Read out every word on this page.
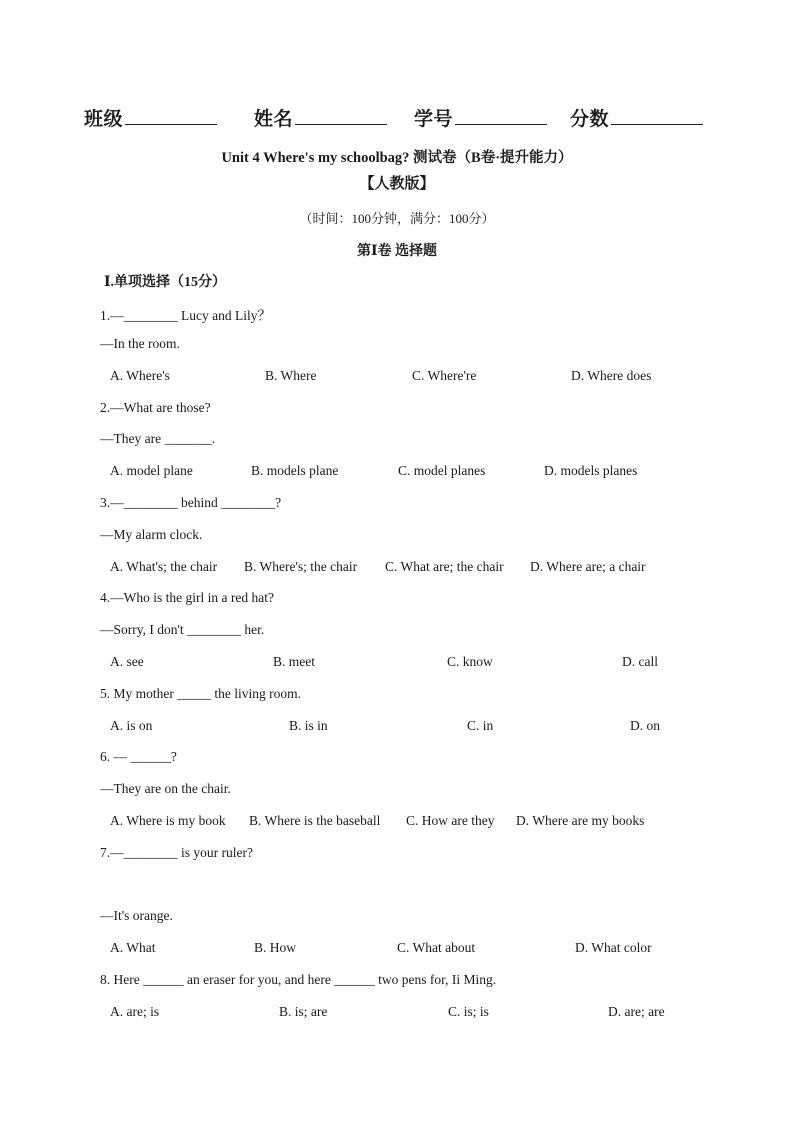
班级	姓名	学号	分数
Unit 4 Where's my schoolbag? 测试卷（B卷·提升能力）
【人教版】
（时间：100分钟，满分：100分）
第Ⅰ卷 选择题
Ⅰ.单项选择（15分）
1.—________ Lucy and Lily？
—In the room.
A. Where's	B. Where	C. Where're	D. Where does
2.—What are those?
—They are _______.
A. model plane	B. models plane	C. model planes	D. models planes
3.—________ behind ________?
—My alarm clock.
A. What's; the chair B. Where's; the chair C. What are; the chair D. Where are; a chair
4.—Who is the girl in a red hat?
—Sorry, I don't ________ her.
A. see	B. meet	C. know	D. call
5. My mother _____ the living room.
A. is on	B. is in	C. in	D. on
6. — ______?
—They are on the chair.
A. Where is my book B. Where is the baseball C. How are they D. Where are my books
7.—________ is your ruler?
—It's orange.
A. What	B. How	C. What about	D. What color
8. Here ______ an eraser for you, and here ______ two pens for, Ii Ming.
A. are; is	B. is; are	C. is; is	D. are; are
